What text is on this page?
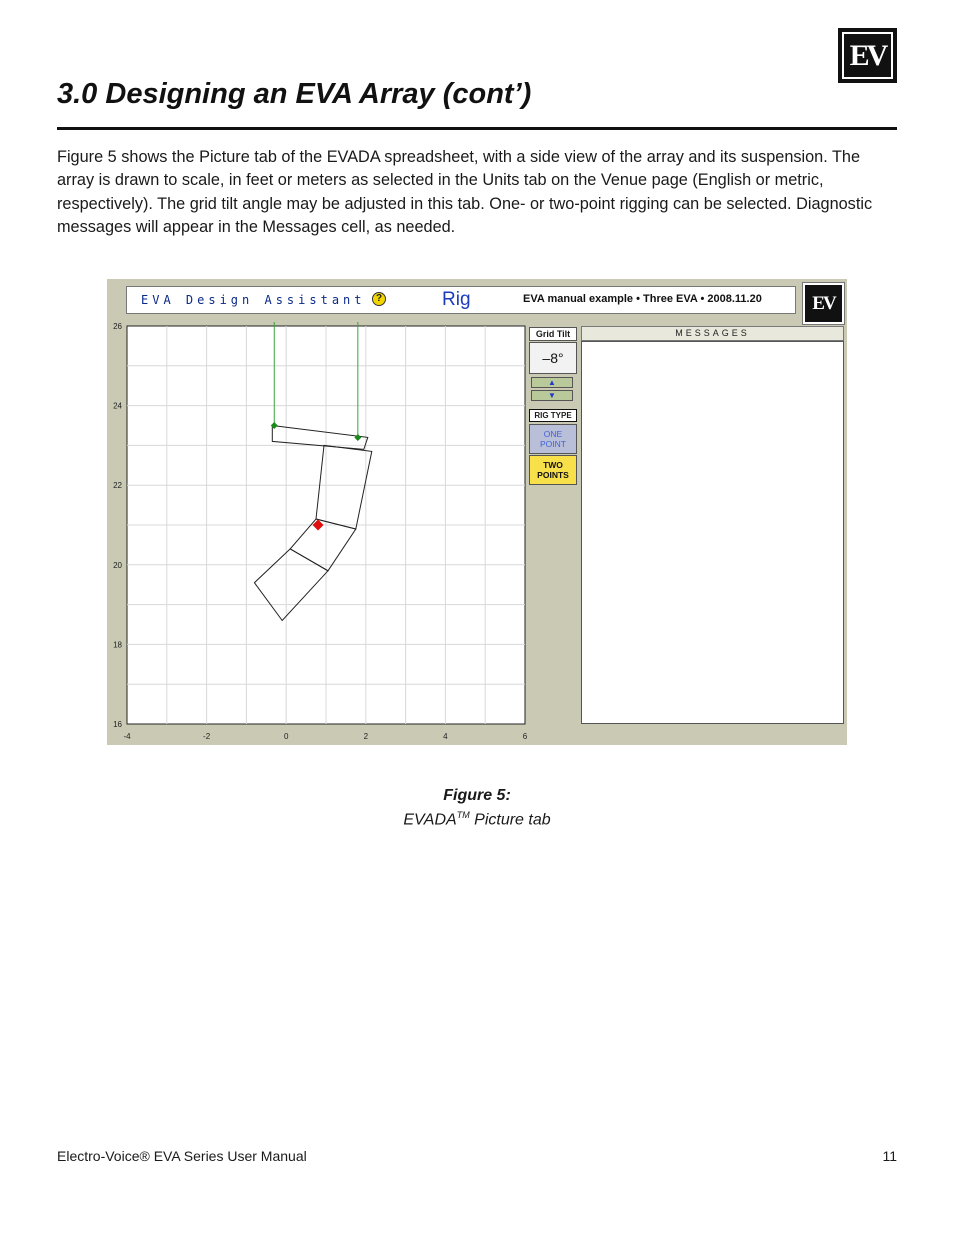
EV
3.0 Designing an EVA Array (cont’)

Figure 5 shows the Picture tab of the EVADA spreadsheet, with a side view of the array and its suspension. The array is drawn to scale, in feet or meters as selected in the Units tab on the Venue page (English or metric, respectively). The grid tilt angle may be adjusted in this tab. One- or two-point rigging can be selected. Diagnostic messages will appear in the Messages cell, as needed.

EVA Design Assistant	?	Rig	EVA manual example • Three EVA • 2008.11.20	EV
-4	-2	0	2	4	6
16
18
20
22
24
26
Grid Tilt
–8°
▲
▼
RIG TYPE
ONE POINT
TWO POINTS
MESSAGES
Figure 5:
EVADA™ Picture tab
Electro-Voice® EVA Series User Manual	11
